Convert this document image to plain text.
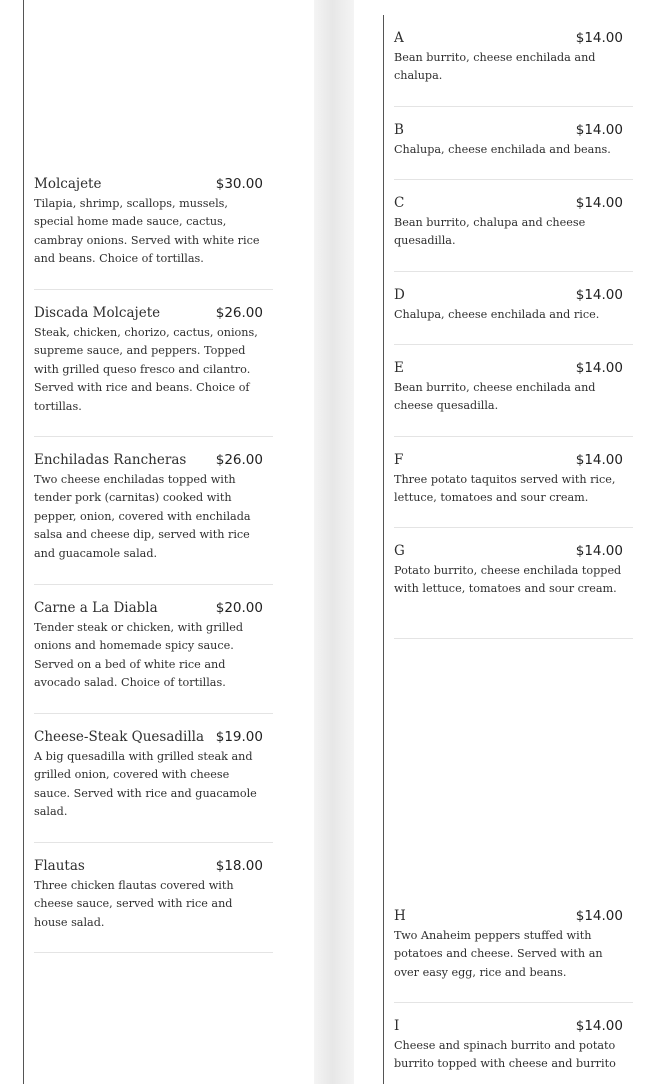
Molcajete	$30.00
Tilapia, shrimp, scallops, mussels, special home made sauce, cactus, cambray onions. Served with white rice and beans. Choice of tortillas.
Discada Molcajete	$26.00
Steak, chicken, chorizo, cactus, onions, supreme sauce, and peppers. Topped with grilled queso fresco and cilantro. Served with rice and beans. Choice of tortillas.
Enchiladas Rancheras $26.00
Two cheese enchiladas topped with tender pork (carnitas) cooked with pepper, onion, covered with enchilada salsa and cheese dip, served with rice and guacamole salad.
Carne a La Diabla	$20.00
Tender steak or chicken, with grilled onions and homemade spicy sauce. Served on a bed of white rice and avocado salad. Choice of tortillas.
Cheese-Steak Quesadilla $19.00
A big quesadilla with grilled steak and grilled onion, covered with cheese sauce. Served with rice and guacamole salad.
Flautas	$18.00
Three chicken flautas covered with cheese sauce, served with rice and house salad.
A	$14.00
Bean burrito, cheese enchilada and chalupa.
B	$14.00
Chalupa, cheese enchilada and beans.
C	$14.00
Bean burrito, chalupa and cheese quesadilla.
D	$14.00
Chalupa, cheese enchilada and rice.
E	$14.00
Bean burrito, cheese enchilada and cheese quesadilla.
F	$14.00
Three potato taquitos served with rice, lettuce, tomatoes and sour cream.
G	$14.00
Potato burrito, cheese enchilada topped with lettuce, tomatoes and sour cream.
H	$14.00
Two Anaheim peppers stuffed with potatoes and cheese. Served with an over easy egg, rice and beans.
I	$14.00
Cheese and spinach burrito and potato burrito topped with cheese and burrito
